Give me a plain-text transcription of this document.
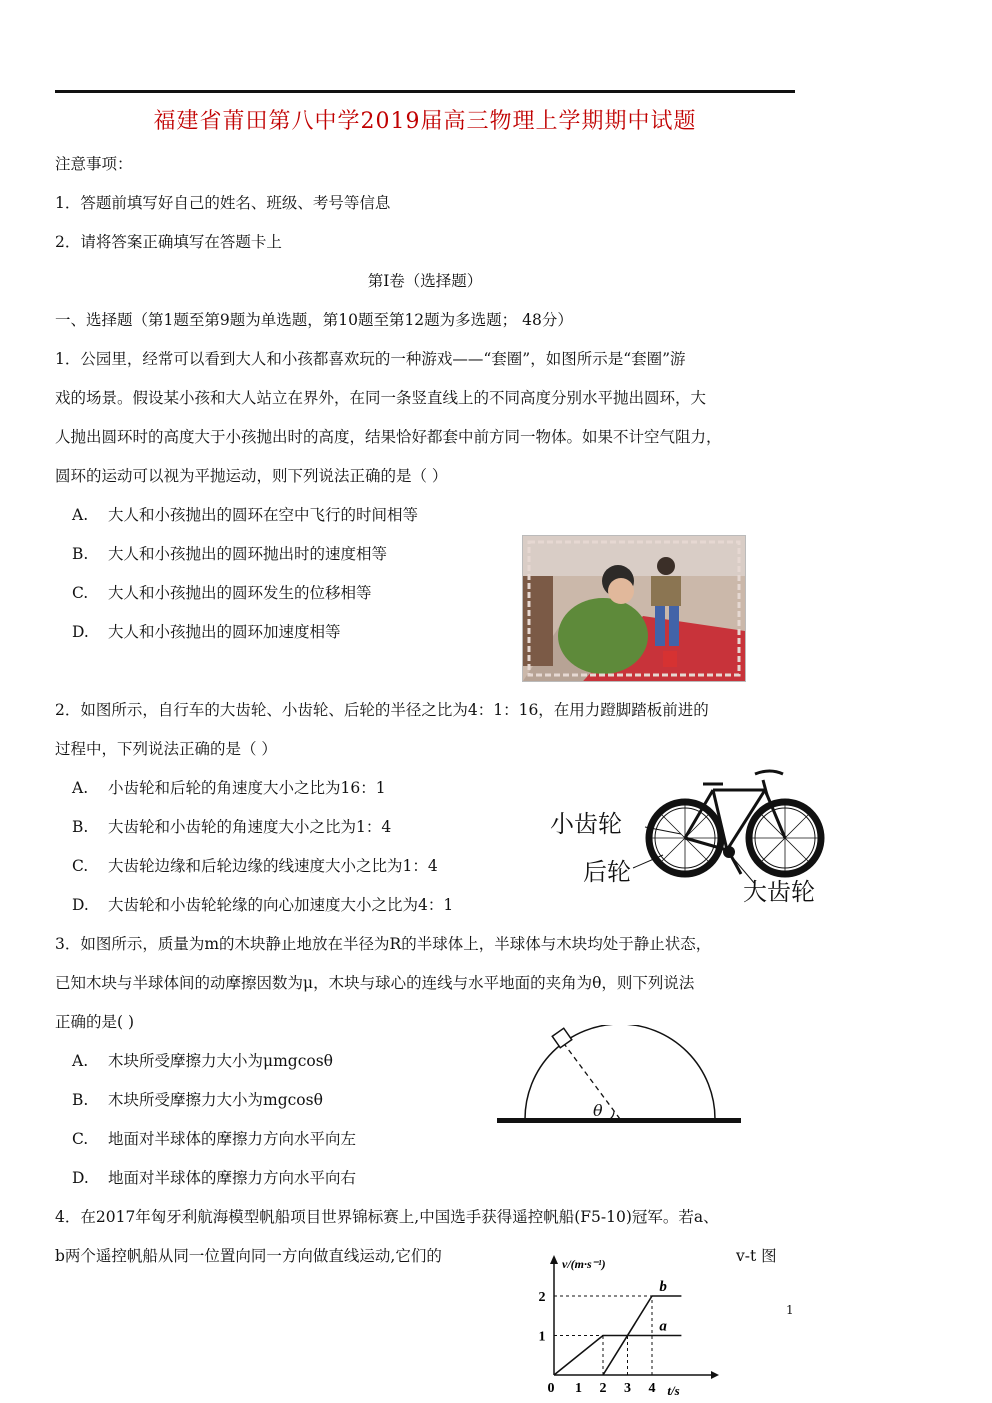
福建省莆田第八中学2019届高三物理上学期期中试题
注意事项：
1．答题前填写好自己的姓名、班级、考号等信息
2．请将答案正确填写在答题卡上
第I卷（选择题）
一、选择题（第1题至第9题为单选题，第10题至第12题为多选题； 48分）
1．公园里，经常可以看到大人和小孩都喜欢玩的一种游戏——“套圈”，如图所示是“套圈”游
戏的场景。假设某小孩和大人站立在界外，在同一条竖直线上的不同高度分别水平抛出圆环，大
人抛出圆环时的高度大于小孩抛出时的高度，结果恰好都套中前方同一物体。如果不计空气阻力，
圆环的运动可以视为平抛运动，则下列说法正确的是（ ）
A. 大人和小孩抛出的圆环在空中飞行的时间相等
B. 大人和小孩抛出的圆环抛出时的速度相等
C. 大人和小孩抛出的圆环发生的位移相等
D. 大人和小孩抛出的圆环加速度相等
2．如图所示，自行车的大齿轮、小齿轮、后轮的半径之比为4：1：16，在用力蹬脚踏板前进的
过程中，下列说法正确的是（ ）
A. 小齿轮和后轮的角速度大小之比为16：1
B. 大齿轮和小齿轮的角速度大小之比为1：4
C. 大齿轮边缘和后轮边缘的线速度大小之比为1：4
D. 大齿轮和小齿轮轮缘的向心加速度大小之比为4：1
小齿轮
后轮
大齿轮
3．如图所示，质量为m的木块静止地放在半径为R的半球体上，半球体与木块均处于静止状态，
已知木块与半球体间的动摩擦因数为μ，木块与球心的连线与水平地面的夹角为θ，则下列说法
正确的是( )
A. 木块所受摩擦力大小为μmgcosθ
B. 木块所受摩擦力大小为mgcosθ
C. 地面对半球体的摩擦力方向水平向左
D. 地面对半球体的摩擦力方向水平向右
θ
4．在2017年匈牙利航海模型帆船项目世界锦标赛上,中国选手获得遥控帆船(F5-10)冠军。若a、
b两个遥控帆船从同一位置向同一方向做直线运动,它们的	v-t 图
1
2
0 1 2 3 4
a
b
v/(m·s⁻¹)
t/s
1
